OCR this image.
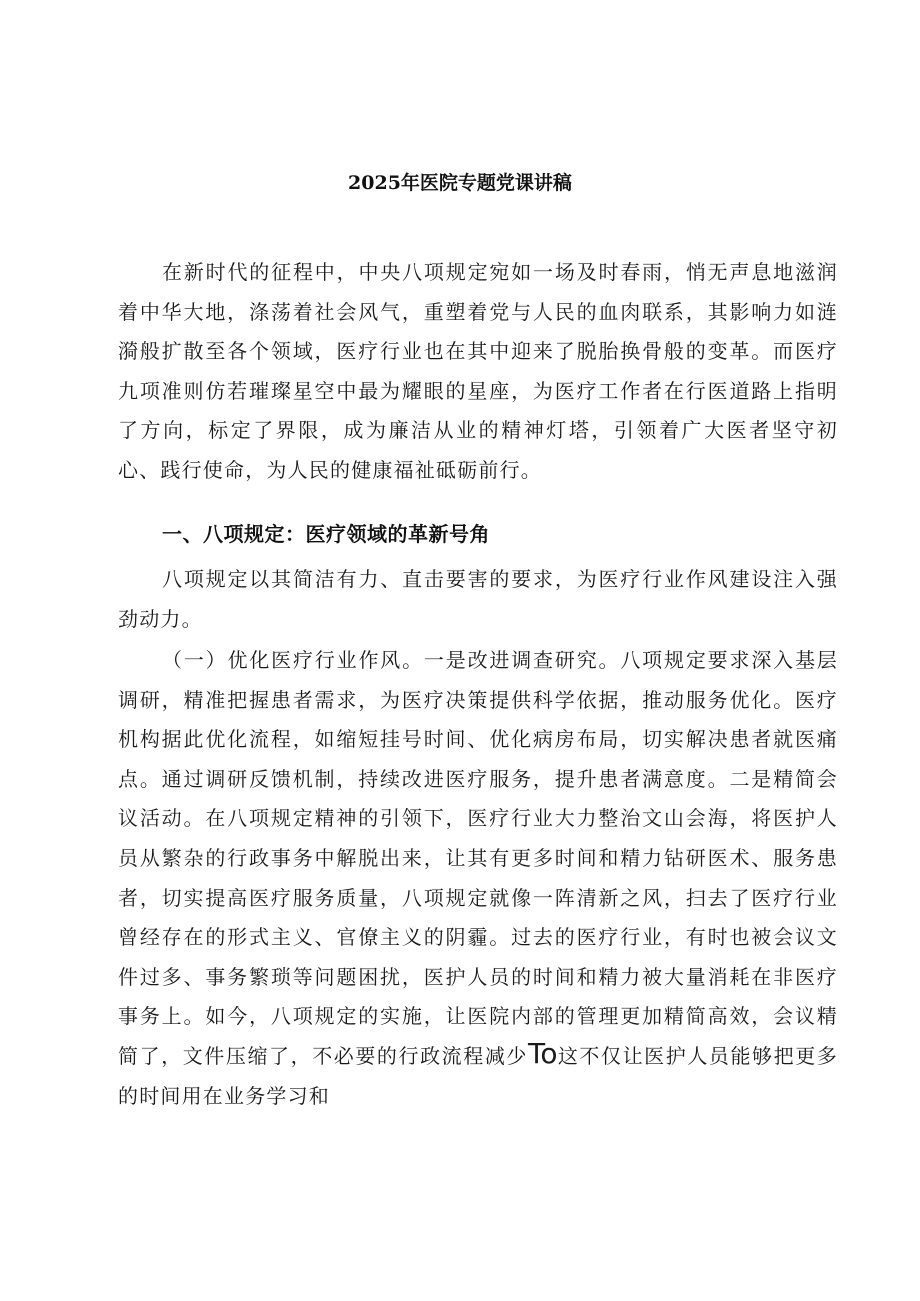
2025年医院专题党课讲稿

在新时代的征程中，中央八项规定宛如一场及时春雨，悄无声息地滋润着中华大地，涤荡着社会风气，重塑着党与人民的血肉联系，其影响力如涟漪般扩散至各个领域，医疗行业也在其中迎来了脱胎换骨般的变革。而医疗九项准则仿若璀璨星空中最为耀眼的星座，为医疗工作者在行医道路上指明了方向，标定了界限，成为廉洁从业的精神灯塔，引领着广大医者坚守初心、践行使命，为人民的健康福祉砥砺前行。

一、八项规定：医疗领域的革新号角

八项规定以其简洁有力、直击要害的要求，为医疗行业作风建设注入强劲动力。

（一）优化医疗行业作风。一是改进调查研究。八项规定要求深入基层调研，精准把握患者需求，为医疗决策提供科学依据，推动服务优化。医疗机构据此优化流程，如缩短挂号时间、优化病房布局，切实解决患者就医痛点。通过调研反馈机制，持续改进医疗服务，提升患者满意度。二是精简会议活动。在八项规定精神的引领下，医疗行业大力整治文山会海，将医护人员从繁杂的行政事务中解脱出来，让其有更多时间和精力钻研医术、服务患者，切实提高医疗服务质量，八项规定就像一阵清新之风，扫去了医疗行业曾经存在的形式主义、官僚主义的阴霾。过去的医疗行业，有时也被会议文件过多、事务繁琐等问题困扰，医护人员的时间和精力被大量消耗在非医疗事务上。如今，八项规定的实施，让医院内部的管理更加精简高效，会议精简了，文件压缩了，不必要的行政流程减少To这不仅让医护人员能够把更多的时间用在业务学习和
